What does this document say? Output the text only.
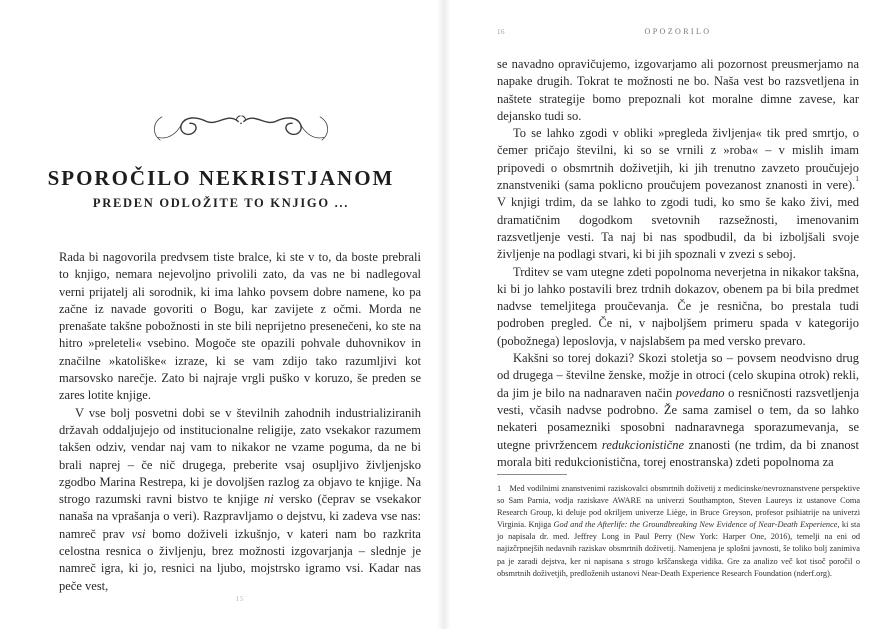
SPOROČILO NEKRISTJANOM
PREDEN ODLOŽITE TO KNJIGO ...

Rada bi nagovorila predvsem tiste bralce, ki ste v to, da boste prebrali to knjigo, nemara nejevoljno privolili zato, da vas ne bi nadlegoval verni prijatelj ali sorodnik, ki ima lahko povsem dobre namene, ko pa začne iz navade govoriti o Bogu, kar zavijete z očmi. Morda ne prenašate takšne pobožnosti in ste bili neprijetno presenečeni, ko ste na hitro »preleteli« vsebino. Mogoče ste opazili pohvale duhovnikov in značilne »katoliške« izraze, ki se vam zdijo tako razumljivi kot marsovsko narečje. Zato bi najraje vrgli puško v koruzo, še preden se zares lotite knjige.

V vse bolj posvetni dobi se v številnih zahodnih industrializiranih državah oddaljujejo od institucionalne religije, zato vsekakor razumem takšen odziv, vendar naj vam to nikakor ne vzame poguma, da ne bi brali naprej – če nič drugega, preberite vsaj osupljivo življenjsko zgodbo Marina Restrepa, ki je dovoljšen razlog za objavo te knjige. Na strogo razumski ravni bistvo te knjige ni versko (čeprav se vsekakor nanaša na vprašanja o veri). Razpravljamo o dejstvu, ki zadeva vse nas: namreč prav vsi bomo doživeli izkušnjo, v kateri nam bo razkrita celostna resnica o življenju, brez možnosti izgovarjanja – slednje je namreč igra, ki jo, resnici na ljubo, mojstrsko igramo vsi. Kadar nas peče vest,

15
16	OPOZORILO

se navadno opravičujemo, izgovarjamo ali pozornost preusmerjamo na napake drugih. Tokrat te možnosti ne bo. Naša vest bo razsvetljena in naštete strategije bomo prepoznali kot moralne dimne zavese, kar dejansko tudi so.

To se lahko zgodi v obliki »pregleda življenja« tik pred smrtjo, o čemer pričajo številni, ki so se vrnili z »roba« – v mislih imam pripovedi o obsmrtnih doživetjih, ki jih trenutno zavzeto proučujejo znanstveniki (sama poklicno proučujem povezanost znanosti in vere).$^1$ V knjigi trdim, da se lahko to zgodi tudi, ko smo še kako živi, med dramatičnim dogodkom svetovnih razsežnosti, imenovanim razsvetljenje vesti. Ta naj bi nas spodbudil, da bi izboljšali svoje življenje na podlagi stvari, ki bi jih spoznali v zvezi s seboj.

Trditev se vam utegne zdeti popolnoma neverjetna in nikakor takšna, ki bi jo lahko postavili brez trdnih dokazov, obenem pa bi bila predmet nadvse temeljitega proučevanja. Če je resnična, bo prestala tudi podroben pregled. Če ni, v najboljšem primeru spada v kategorijo (pobožnega) leposlovja, v najslabšem pa med versko prevaro.

Kakšni so torej dokazi? Skozi stoletja so – povsem neodvisno drug od drugega – številne ženske, možje in otroci (celo skupina otrok) rekli, da jim je bilo na nadnaraven način povedano o resničnosti razsvetljenja vesti, včasih nadvse podrobno. Že sama zamisel o tem, da so lahko nekateri posamezniki sposobni nadnaravnega sporazumevanja, se utegne privržencem redukcionistične znanosti (ne trdim, da bi znanost morala biti redukcionistična, torej enostranska) zdeti popolnoma za

1 Med vodilnimi znanstvenimi raziskovalci obsmrtnih doživetij z medicinske/nevroznanstvene perspektive so Sam Parnia, vodja raziskave AWARE na univerzi Southampton, Steven Laureys iz ustanove Coma Research Group, ki deluje pod okriljem univerze Liège, in Bruce Greyson, profesor psihiatrije na univerzi Virginia. Knjiga God and the Afterlife: the Groundbreaking New Evidence of Near-Death Experience, ki sta jo napisala dr. med. Jeffrey Long in Paul Perry (New York: Harper One, 2016), temelji na eni od najizčrpnejših nedavnih raziskav obsmrtnih doživetij. Namenjena je splošni javnosti, še toliko bolj zanimiva pa je zaradi dejstva, ker ni napisana s strogo krščanskega vidika. Gre za analizo več kot tisoč poročil o obsmrtnih doživetjih, predloženih ustanovi Near-Death Experience Research Foundation (nderf.org).
